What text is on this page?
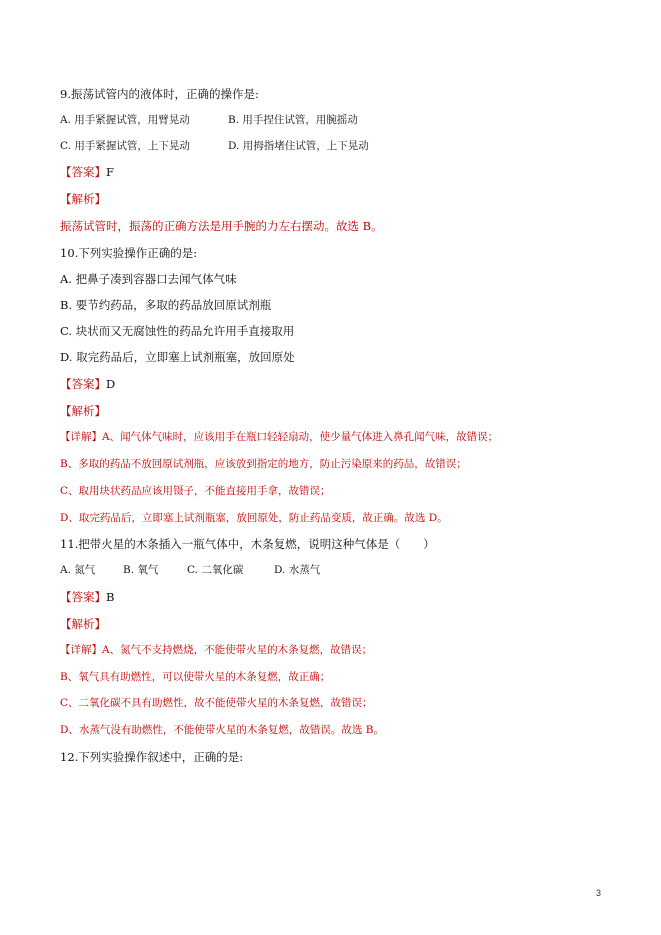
9.振荡试管内的液体时，正确的操作是:
A. 用手紧握试管，用臂晃动	B. 用手捏住试管，用腕摇动
C. 用手紧握试管，上下晃动	D. 用拇指堵住试管，上下晃动
【答案】F
【解析】
振荡试管时，振荡的正确方法是用手腕的力左右摆动。故选 B。
10.下列实验操作正确的是:
A. 把鼻子凑到容器口去闻气体气味
B. 要节约药品，多取的药品放回原试剂瓶
C. 块状而又无腐蚀性的药品允许用手直接取用
D. 取完药品后，立即塞上试剂瓶塞，放回原处
【答案】D
【解析】
【详解】A、闻气体气味时，应该用手在瓶口轻轻扇动，使少量气体进入鼻孔闻气味，故错误；
B、多取的药品不放回原试剂瓶，应该放到指定的地方，防止污染原来的药品，故错误；
C、取用块状药品应该用镊子，不能直接用手拿，故错误；
D、取完药品后，立即塞上试剂瓶塞，放回原处，防止药品变质，故正确。故选 D。
11.把带火星的木条插入一瓶气体中，木条复燃，说明这种气体是（　　）
A. 氮气	B. 氧气	C. 二氧化碳	D. 水蒸气
【答案】B
【解析】
【详解】A、氮气不支持燃烧，不能使带火星的木条复燃，故错误；
B、氧气具有助燃性，可以使带火星的木条复燃，故正确；
C、二氧化碳不具有助燃性，故不能使带火星的木条复燃，故错误；
D、水蒸气没有助燃性，不能使带火星的木条复燃，故错误。故选 B。
12.下列实验操作叙述中，正确的是:
3
